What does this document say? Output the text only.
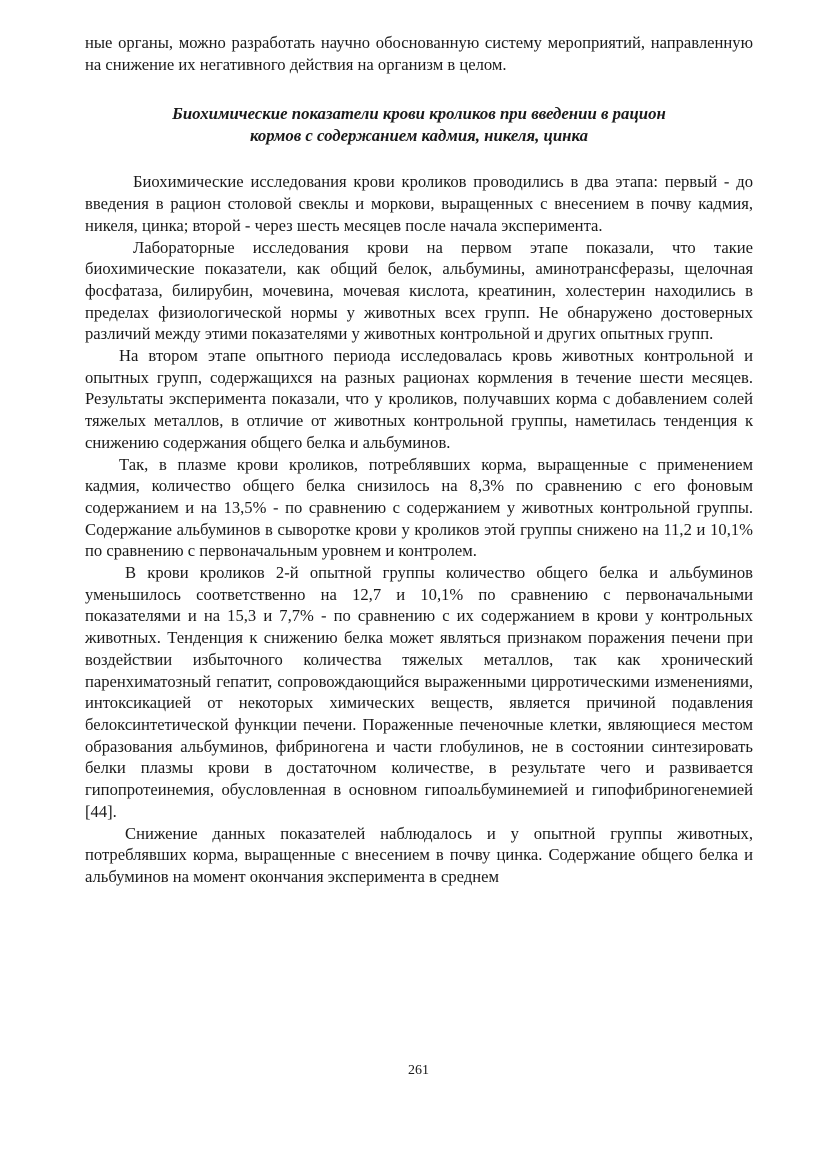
ные органы, можно разработать научно обоснованную систему мероприятий, направленную на снижение их негативного действия на организм в целом.

Биохимические показатели крови кроликов при введении в рацион
кормов с содержанием кадмия, никеля, цинка

Биохимические исследования крови кроликов проводились в два этапа: первый - до введения в рацион столовой свеклы и моркови, выращенных с внесением в почву кадмия, никеля, цинка; второй - через шесть месяцев после начала эксперимента.

Лабораторные исследования крови на первом этапе показали, что такие биохимические показатели, как общий белок, альбумины, аминотрансферазы, щелочная фосфатаза, билирубин, мочевина, мочевая кислота, креатинин, холестерин находились в пределах физиологической нормы у животных всех групп. Не обнаружено достоверных различий между этими показателями у животных контрольной и других опытных групп.

На втором этапе опытного периода исследовалась кровь животных контрольной и опытных групп, содержащихся на разных рационах кормления в течение шести месяцев. Результаты эксперимента показали, что у кроликов, получавших корма с добавлением солей тяжелых металлов, в отличие от животных контрольной группы, наметилась тенденция к снижению содержания общего белка и альбуминов.

Так, в плазме крови кроликов, потреблявших корма, выращенные с применением кадмия, количество общего белка снизилось на 8,3% по сравнению с его фоновым содержанием и на 13,5% - по сравнению с содержанием у животных контрольной группы. Содержание альбуминов в сыворотке крови у кроликов этой группы снижено на 11,2 и 10,1% по сравнению с первоначальным уровнем и контролем.

В крови кроликов 2-й опытной группы количество общего белка и альбуминов уменьшилось соответственно на 12,7 и 10,1% по сравнению с первоначальными показателями и на 15,3 и 7,7% - по сравнению с их содержанием в крови у контрольных животных. Тенденция к снижению белка может являться признаком поражения печени при воздействии избыточного количества тяжелых металлов, так как хронический паренхиматозный гепатит, сопровождающийся выраженными цирротическими изменениями, интоксикацией от некоторых химических веществ, является причиной подавления белоксинтетической функции печени. Пораженные печеночные клетки, являющиеся местом образования альбуминов, фибриногена и части глобулинов, не в состоянии синтезировать белки плазмы крови в достаточном количестве, в результате чего и развивается гипопротеинемия, обусловленная в основном гипоальбуминемией и гипофибриногенемией [44].

Снижение данных показателей наблюдалось и у опытной группы животных, потреблявших корма, выращенные с внесением в почву цинка. Содержание общего белка и альбуминов на момент окончания эксперимента в среднем

261
